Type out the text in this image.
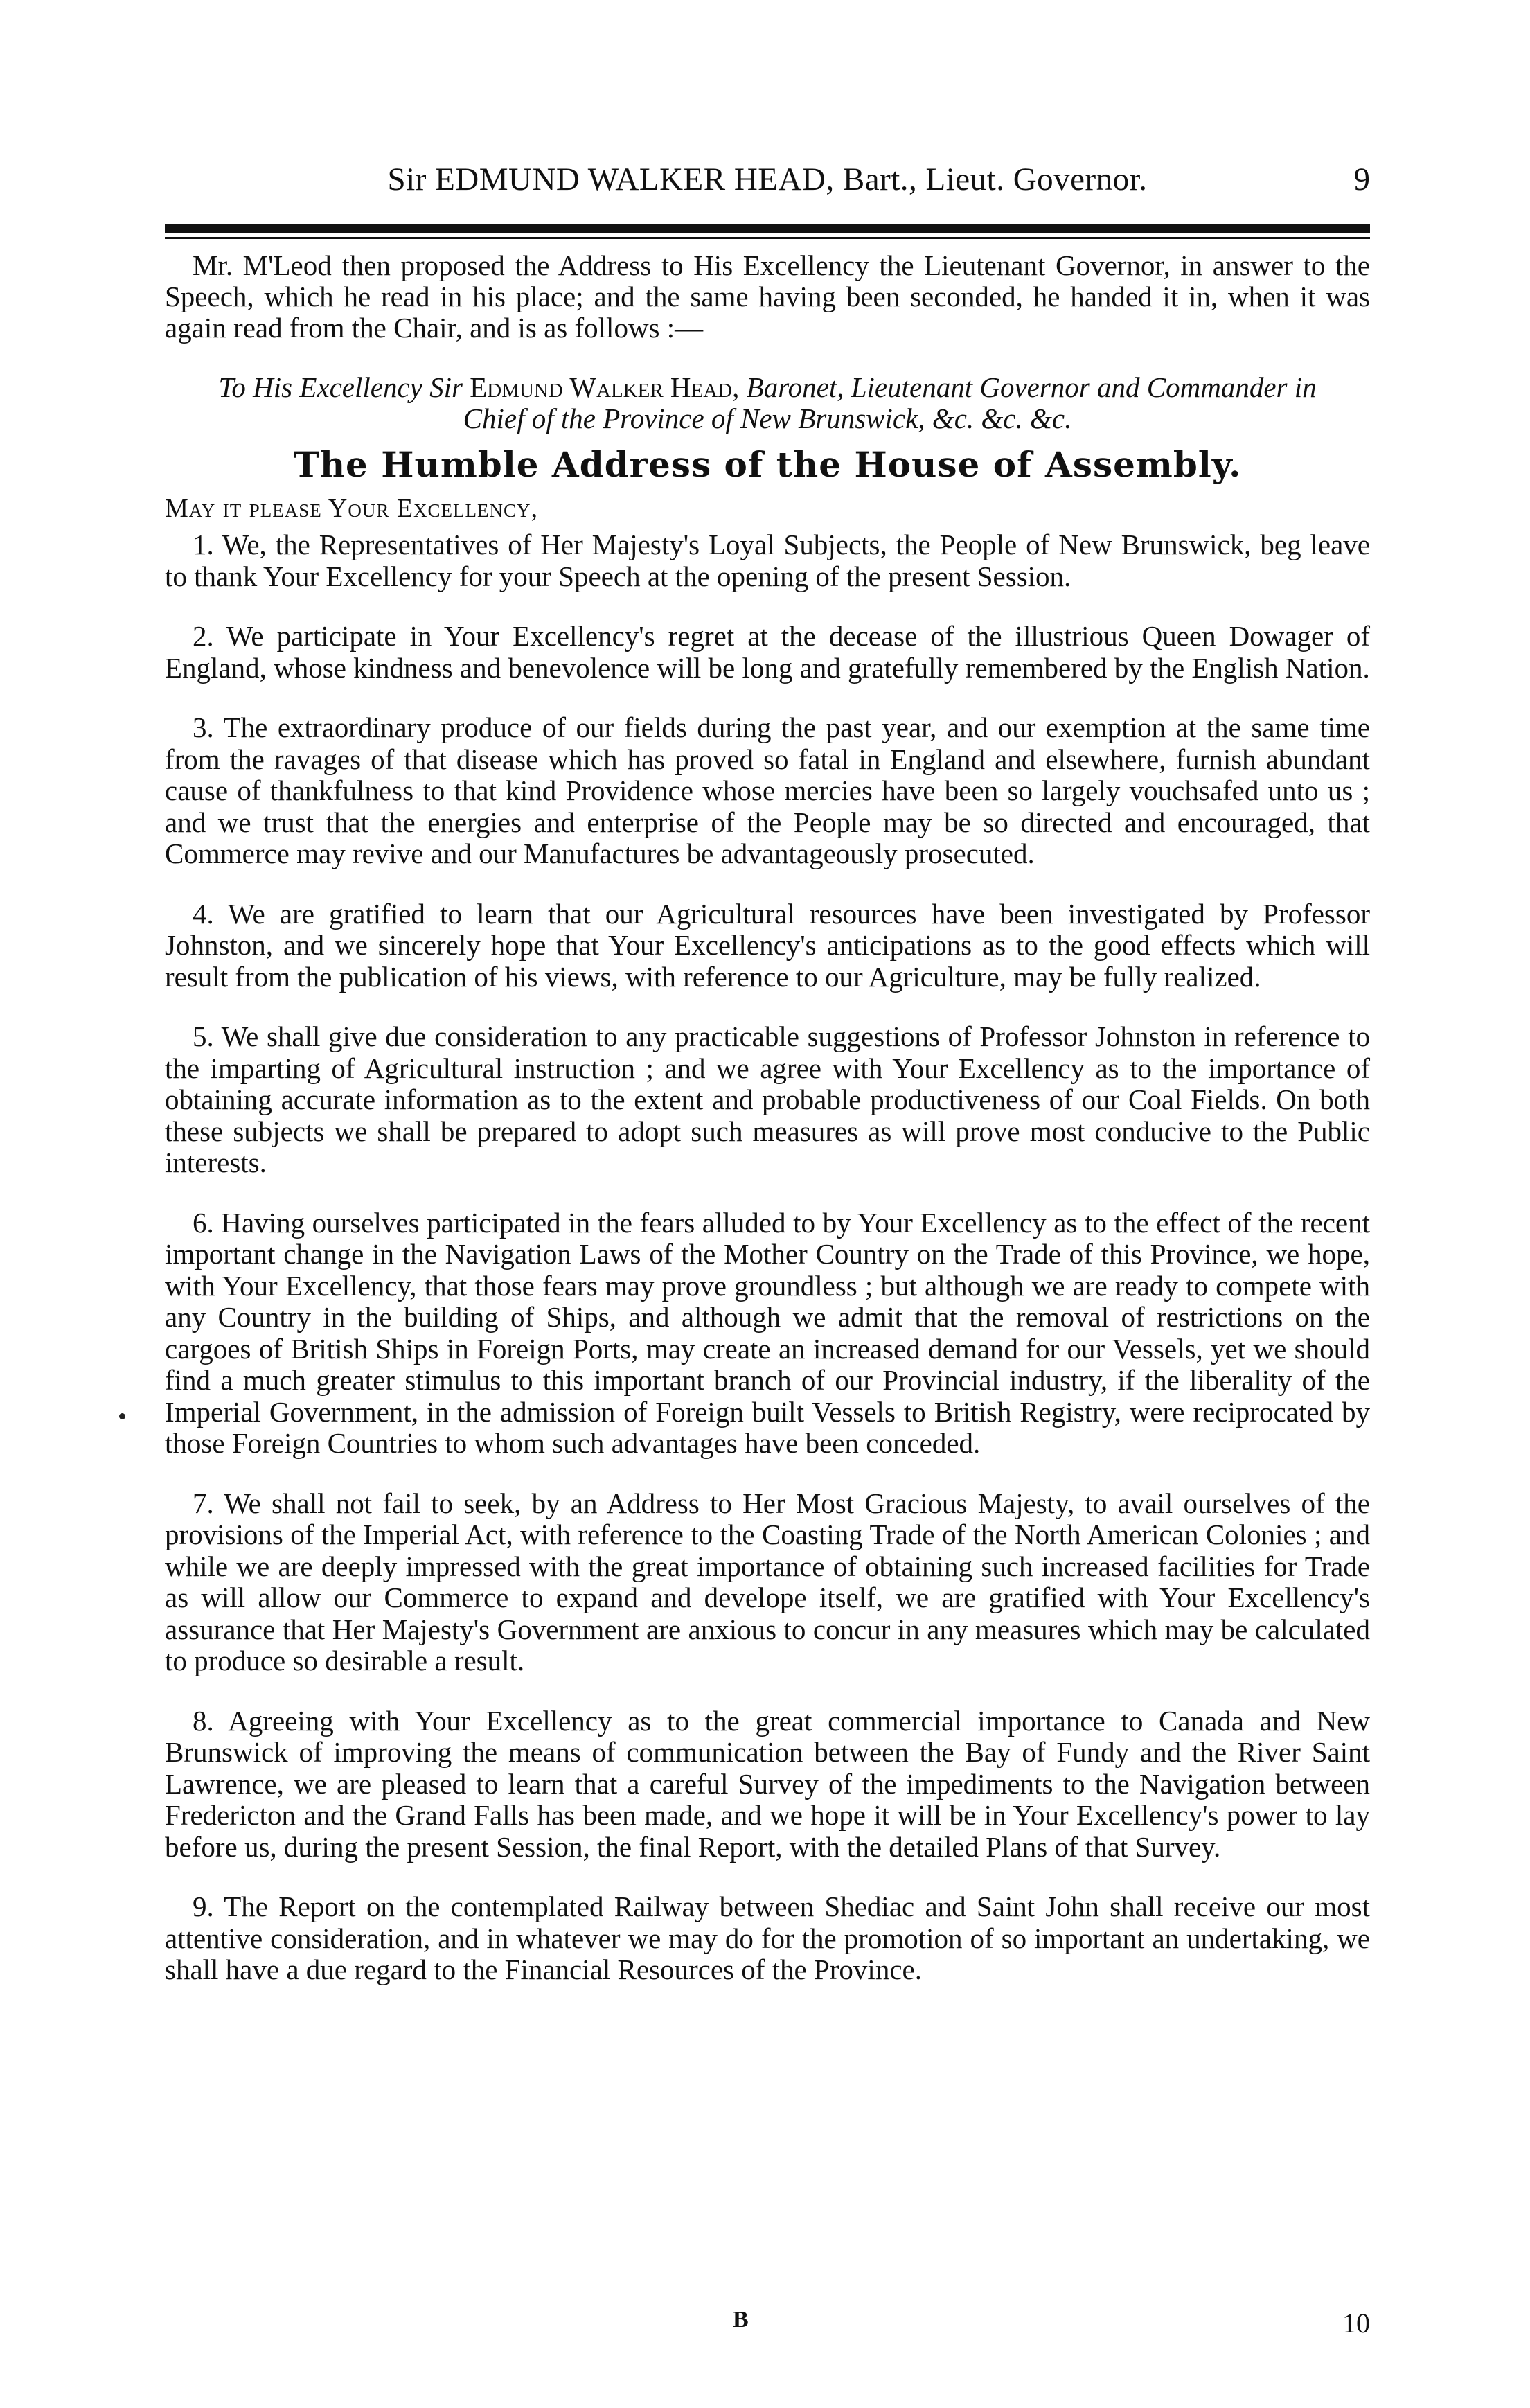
Sir EDMUND WALKER HEAD, Bart., Lieut. Governor.	9

Mr. M'Leod then proposed the Address to His Excellency the Lieutenant Governor, in answer to the Speech, which he read in his place; and the same having been seconded, he handed it in, when it was again read from the Chair, and is as follows :—

To His Excellency Sir Edmund Walker Head, Baronet, Lieutenant Governor and Commander in Chief of the Province of New Brunswick, &c. &c. &c.
The Humble Address of the House of Assembly.
May it please Your Excellency,

1. We, the Representatives of Her Majesty's Loyal Subjects, the People of New Brunswick, beg leave to thank Your Excellency for your Speech at the opening of the present Session.

2. We participate in Your Excellency's regret at the decease of the illustrious Queen Dowager of England, whose kindness and benevolence will be long and gratefully remembered by the English Nation.

3. The extraordinary produce of our fields during the past year, and our exemption at the same time from the ravages of that disease which has proved so fatal in England and elsewhere, furnish abundant cause of thankfulness to that kind Providence whose mercies have been so largely vouchsafed unto us ; and we trust that the energies and enterprise of the People may be so directed and encouraged, that Commerce may revive and our Manufactures be advantageously prosecuted.

4. We are gratified to learn that our Agricultural resources have been investigated by Professor Johnston, and we sincerely hope that Your Excellency's anticipations as to the good effects which will result from the publication of his views, with reference to our Agriculture, may be fully realized.

5. We shall give due consideration to any practicable suggestions of Professor Johnston in reference to the imparting of Agricultural instruction ; and we agree with Your Excellency as to the importance of obtaining accurate information as to the extent and probable productiveness of our Coal Fields. On both these subjects we shall be prepared to adopt such measures as will prove most conducive to the Public interests.

6. Having ourselves participated in the fears alluded to by Your Excellency as to the effect of the recent important change in the Navigation Laws of the Mother Country on the Trade of this Province, we hope, with Your Excellency, that those fears may prove groundless ; but although we are ready to compete with any Country in the building of Ships, and although we admit that the removal of restrictions on the cargoes of British Ships in Foreign Ports, may create an increased demand for our Vessels, yet we should find a much greater stimulus to this important branch of our Provincial industry, if the liberality of the Imperial Government, in the admission of Foreign built Vessels to British Registry, were reciprocated by those Foreign Countries to whom such advantages have been conceded.

7. We shall not fail to seek, by an Address to Her Most Gracious Majesty, to avail ourselves of the provisions of the Imperial Act, with reference to the Coasting Trade of the North American Colonies ; and while we are deeply impressed with the great importance of obtaining such increased facilities for Trade as will allow our Commerce to expand and develope itself, we are gratified with Your Excellency's assurance that Her Majesty's Government are anxious to concur in any measures which may be calculated to produce so desirable a result.

8. Agreeing with Your Excellency as to the great commercial importance to Canada and New Brunswick of improving the means of communication between the Bay of Fundy and the River Saint Lawrence, we are pleased to learn that a careful Survey of the impediments to the Navigation between Fredericton and the Grand Falls has been made, and we hope it will be in Your Excellency's power to lay before us, during the present Session, the final Report, with the detailed Plans of that Survey.

9. The Report on the contemplated Railway between Shediac and Saint John shall receive our most attentive consideration, and in whatever we may do for the promotion of so important an undertaking, we shall have a due regard to the Financial Resources of the Province.

B	10
